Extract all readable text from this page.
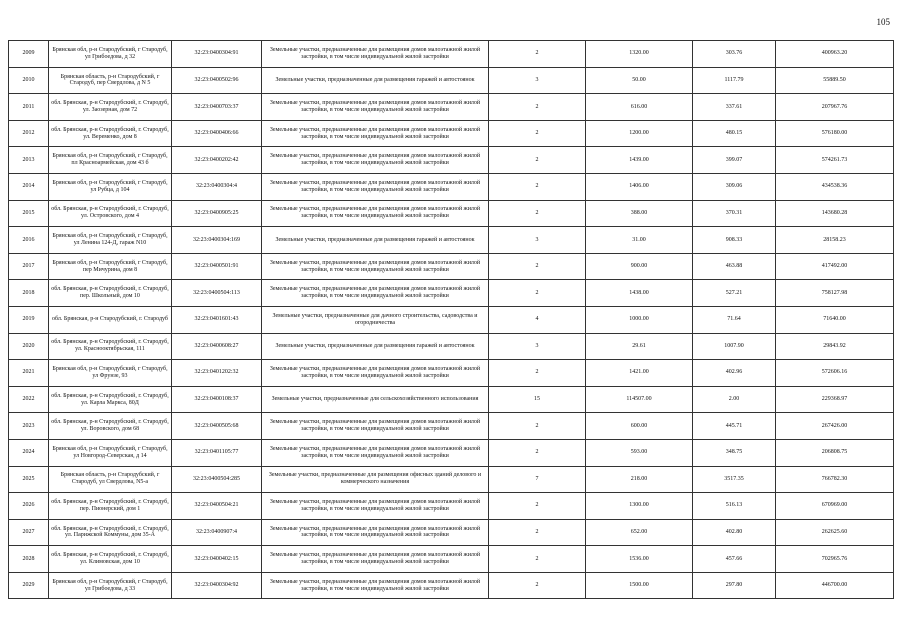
105
2009	Брянская обл, р-н Стародубский, г Стародуб, ул Грибоедова, д 32	32:23:0400304:91	Земельные участки, предназначенные для размещения домов малоэтажной жилой застройки, в том числе индивидуальной жилой застройки	2	1320.00	303.76	400963.20
2010	Брянская область, р-н Стародубский, г Стародуб, пер Свердлова, д N 5	32:23:0400502:96	Земельные участки, предназначенные для размещения гаражей и автостоянок	3	50.00	1117.79	55889.50
2011	обл. Брянская, р-н Стародубский, г. Стародуб, ул. Заозерная, дом 72	32:23:0400703:37	Земельные участки, предназначенные для размещения домов малоэтажной жилой застройки, в том числе индивидуальной жилой застройки	2	616.00	337.61	207967.76
2012	обл. Брянская, р-н Стародубский, г. Стародуб, ул. Веременко, дом 8	32:23:0400406:66	Земельные участки, предназначенные для размещения домов малоэтажной жилой застройки, в том числе индивидуальной жилой застройки	2	1200.00	480.15	576180.00
2013	Брянская обл, р-н Стародубский, г Стародуб, пл Красноармейская, дом 43 б	32:23:0400202:42	Земельные участки, предназначенные для размещения домов малоэтажной жилой застройки, в том числе индивидуальной жилой застройки	2	1439.00	399.07	574261.73
2014	Брянская обл, р-н Стародубский, г Стародуб, ул Рубца, д 104	32:23:0400304:4	Земельные участки, предназначенные для размещения домов малоэтажной жилой застройки, в том числе индивидуальной жилой застройки	2	1406.00	309.06	434538.36
2015	обл. Брянская, р-н Стародубский, г. Стародуб, ул. Островского, дом 4	32:23:0400905:25	Земельные участки, предназначенные для размещения домов малоэтажной жилой застройки, в том числе индивидуальной жилой застройки	2	388.00	370.31	143680.28
2016	Брянская обл, р-н Стародубский, г Стародуб, ул Ленина 124-Д, гараж N10	32:23:0400304:169	Земельные участки, предназначенные для размещения гаражей и автостоянок	3	31.00	908.33	28158.23
2017	Брянская обл, р-н Стародубский, г Стародуб, пер Мичурина, дом 8	32:23:0400501:91	Земельные участки, предназначенные для размещения домов малоэтажной жилой застройки, в том числе индивидуальной жилой застройки	2	900.00	463.88	417492.00
2018	обл. Брянская, р-н Стародубский, г. Стародуб, пер. Школьный, дом 10	32:23:0400504:113	Земельные участки, предназначенные для размещения домов малоэтажной жилой застройки, в том числе индивидуальной жилой застройки	2	1438.00	527.21	758127.98
2019	обл. Брянская, р-н Стародубский, г. Стародуб	32:23:0401601:43	Земельные участки, предназначенные для дачного строительства, садоводства и огородничества	4	1000.00	71.64	71640.00
2020	обл. Брянская, р-н Стародубский, г. Стародуб, ул. Краснооктябрьская, 111	32:23:0400608:27	Земельные участки, предназначенные для размещения гаражей и автостоянок	3	29.61	1007.90	29843.92
2021	Брянская обл, р-н Стародубский, г Стародуб, ул Фрунзе, 93	32:23:0401202:32	Земельные участки, предназначенные для размещения домов малоэтажной жилой застройки, в том числе индивидуальной жилой застройки	2	1421.00	402.96	572606.16
2022	обл. Брянская, р-н Стародубский, г. Стародуб, ул. Карла Маркса, 80Д	32:23:0400108:37	Земельные участки, предназначенные для сельскохозяйственного использования	15	114507.00	2.00	229368.97
2023	обл. Брянская, р-н Стародубский, г. Стародуб, ул. Воровского, дом 68	32:23:0400505:68	Земельные участки, предназначенные для размещения домов малоэтажной жилой застройки, в том числе индивидуальной жилой застройки	2	600.00	445.71	267426.00
2024	Брянская обл, р-н Стародубский, г Стародуб, ул Новгород-Северская, д 14	32:23:0401105:77	Земельные участки, предназначенные для размещения домов малоэтажной жилой застройки, в том числе индивидуальной жилой застройки	2	593.00	348.75	206808.75
2025	Брянская область, р-н Стародубский, г Стародуб, ул Свердлова, N5-а	32:23:0400504:285	Земельные участки, предназначенные для размещения офисных зданий делового и коммерческого назначения	7	218.00	3517.35	766782.30
2026	обл. Брянская, р-н Стародубский, г. Стародуб, пер. Пионерский, дом 1	32:23:0400504:21	Земельные участки, предназначенные для размещения домов малоэтажной жилой застройки, в том числе индивидуальной жилой застройки	2	1300.00	516.13	670969.00
2027	обл. Брянская, р-н Стародубский, г. Стародуб, ул. Парижской Коммуны, дом 35-А	32:23:0400907:4	Земельные участки, предназначенные для размещения домов малоэтажной жилой застройки, в том числе индивидуальной жилой застройки	2	652.00	402.80	262625.60
2028	обл. Брянская, р-н Стародубский, г. Стародуб, ул. Климовская, дом 10	32:23:0400402:15	Земельные участки, предназначенные для размещения домов малоэтажной жилой застройки, в том числе индивидуальной жилой застройки	2	1536.00	457.66	702965.76
2029	Брянская обл, р-н Стародубский, г Стародуб, ул Грибоедова, д 33	32:23:0400304:92	Земельные участки, предназначенные для размещения домов малоэтажной жилой застройки, в том числе индивидуальной жилой застройки	2	1500.00	297.80	446700.00
